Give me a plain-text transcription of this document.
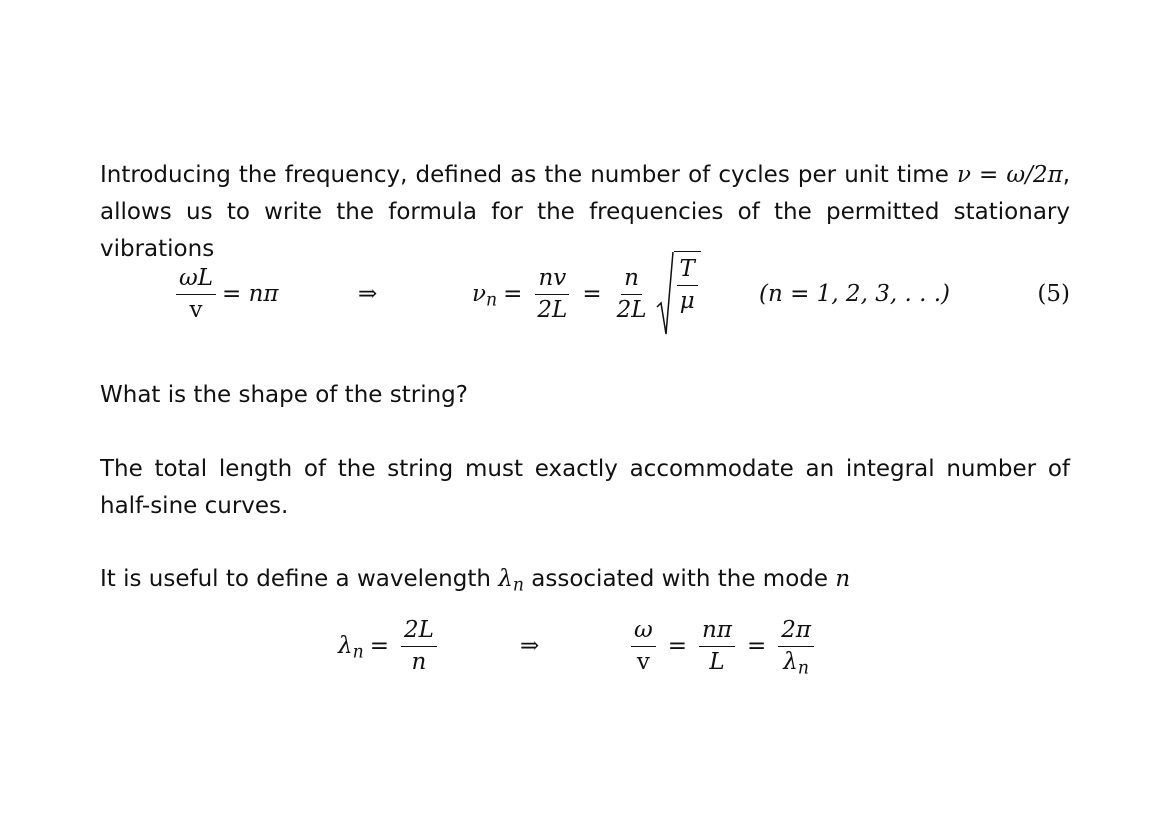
Introducing the frequency, defined as the number of cycles per unit time ν = ω/2π, allows us to write the formula for the frequencies of the permitted stationary vibrations

$\frac{\omega L}{v} = n\pi$	⇒	$\nu_n = \frac{nv}{2L} = \frac{n}{2L} \frac{T}{\mu}$	(n = 1, 2, 3, . . .)	(5)

What is the shape of the string?

The total length of the string must exactly accommodate an integral number of half-sine curves.

It is useful to define a wavelength $\lambda_n$ associated with the mode n

$\lambda_n = \frac{2L}{n}$	⇒	$\frac{\omega}{v} = \frac{n\pi}{L} = \frac{2\pi}{\lambda_n}$
